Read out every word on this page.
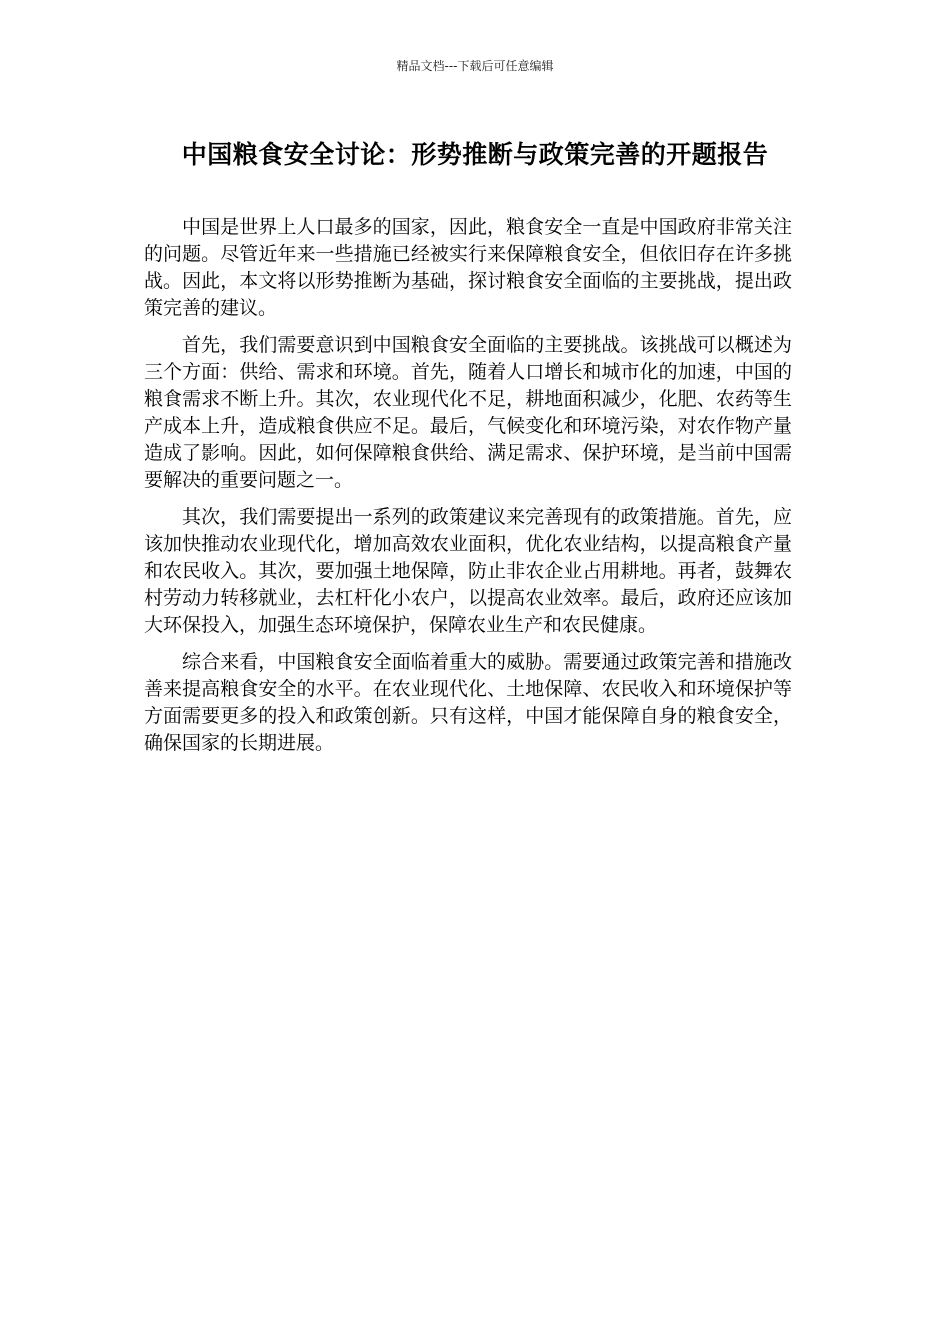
精品文档---下载后可任意编辑
中国粮食安全讨论：形势推断与政策完善的开题报告

中国是世界上人口最多的国家，因此，粮食安全一直是中国政府非常关注的问题。尽管近年来一些措施已经被实行来保障粮食安全，但依旧存在许多挑战。因此，本文将以形势推断为基础，探讨粮食安全面临的主要挑战，提出政策完善的建议。

首先，我们需要意识到中国粮食安全面临的主要挑战。该挑战可以概述为三个方面：供给、需求和环境。首先，随着人口增长和城市化的加速，中国的粮食需求不断上升。其次，农业现代化不足，耕地面积减少，化肥、农药等生产成本上升，造成粮食供应不足。最后，气候变化和环境污染，对农作物产量造成了影响。因此，如何保障粮食供给、满足需求、保护环境，是当前中国需要解决的重要问题之一。

其次，我们需要提出一系列的政策建议来完善现有的政策措施。首先，应该加快推动农业现代化，增加高效农业面积，优化农业结构，以提高粮食产量和农民收入。其次，要加强土地保障，防止非农企业占用耕地。再者，鼓舞农村劳动力转移就业，去杠杆化小农户，以提高农业效率。最后，政府还应该加大环保投入，加强生态环境保护，保障农业生产和农民健康。

综合来看，中国粮食安全面临着重大的威胁。需要通过政策完善和措施改善来提高粮食安全的水平。在农业现代化、土地保障、农民收入和环境保护等方面需要更多的投入和政策创新。只有这样，中国才能保障自身的粮食安全，确保国家的长期进展。
